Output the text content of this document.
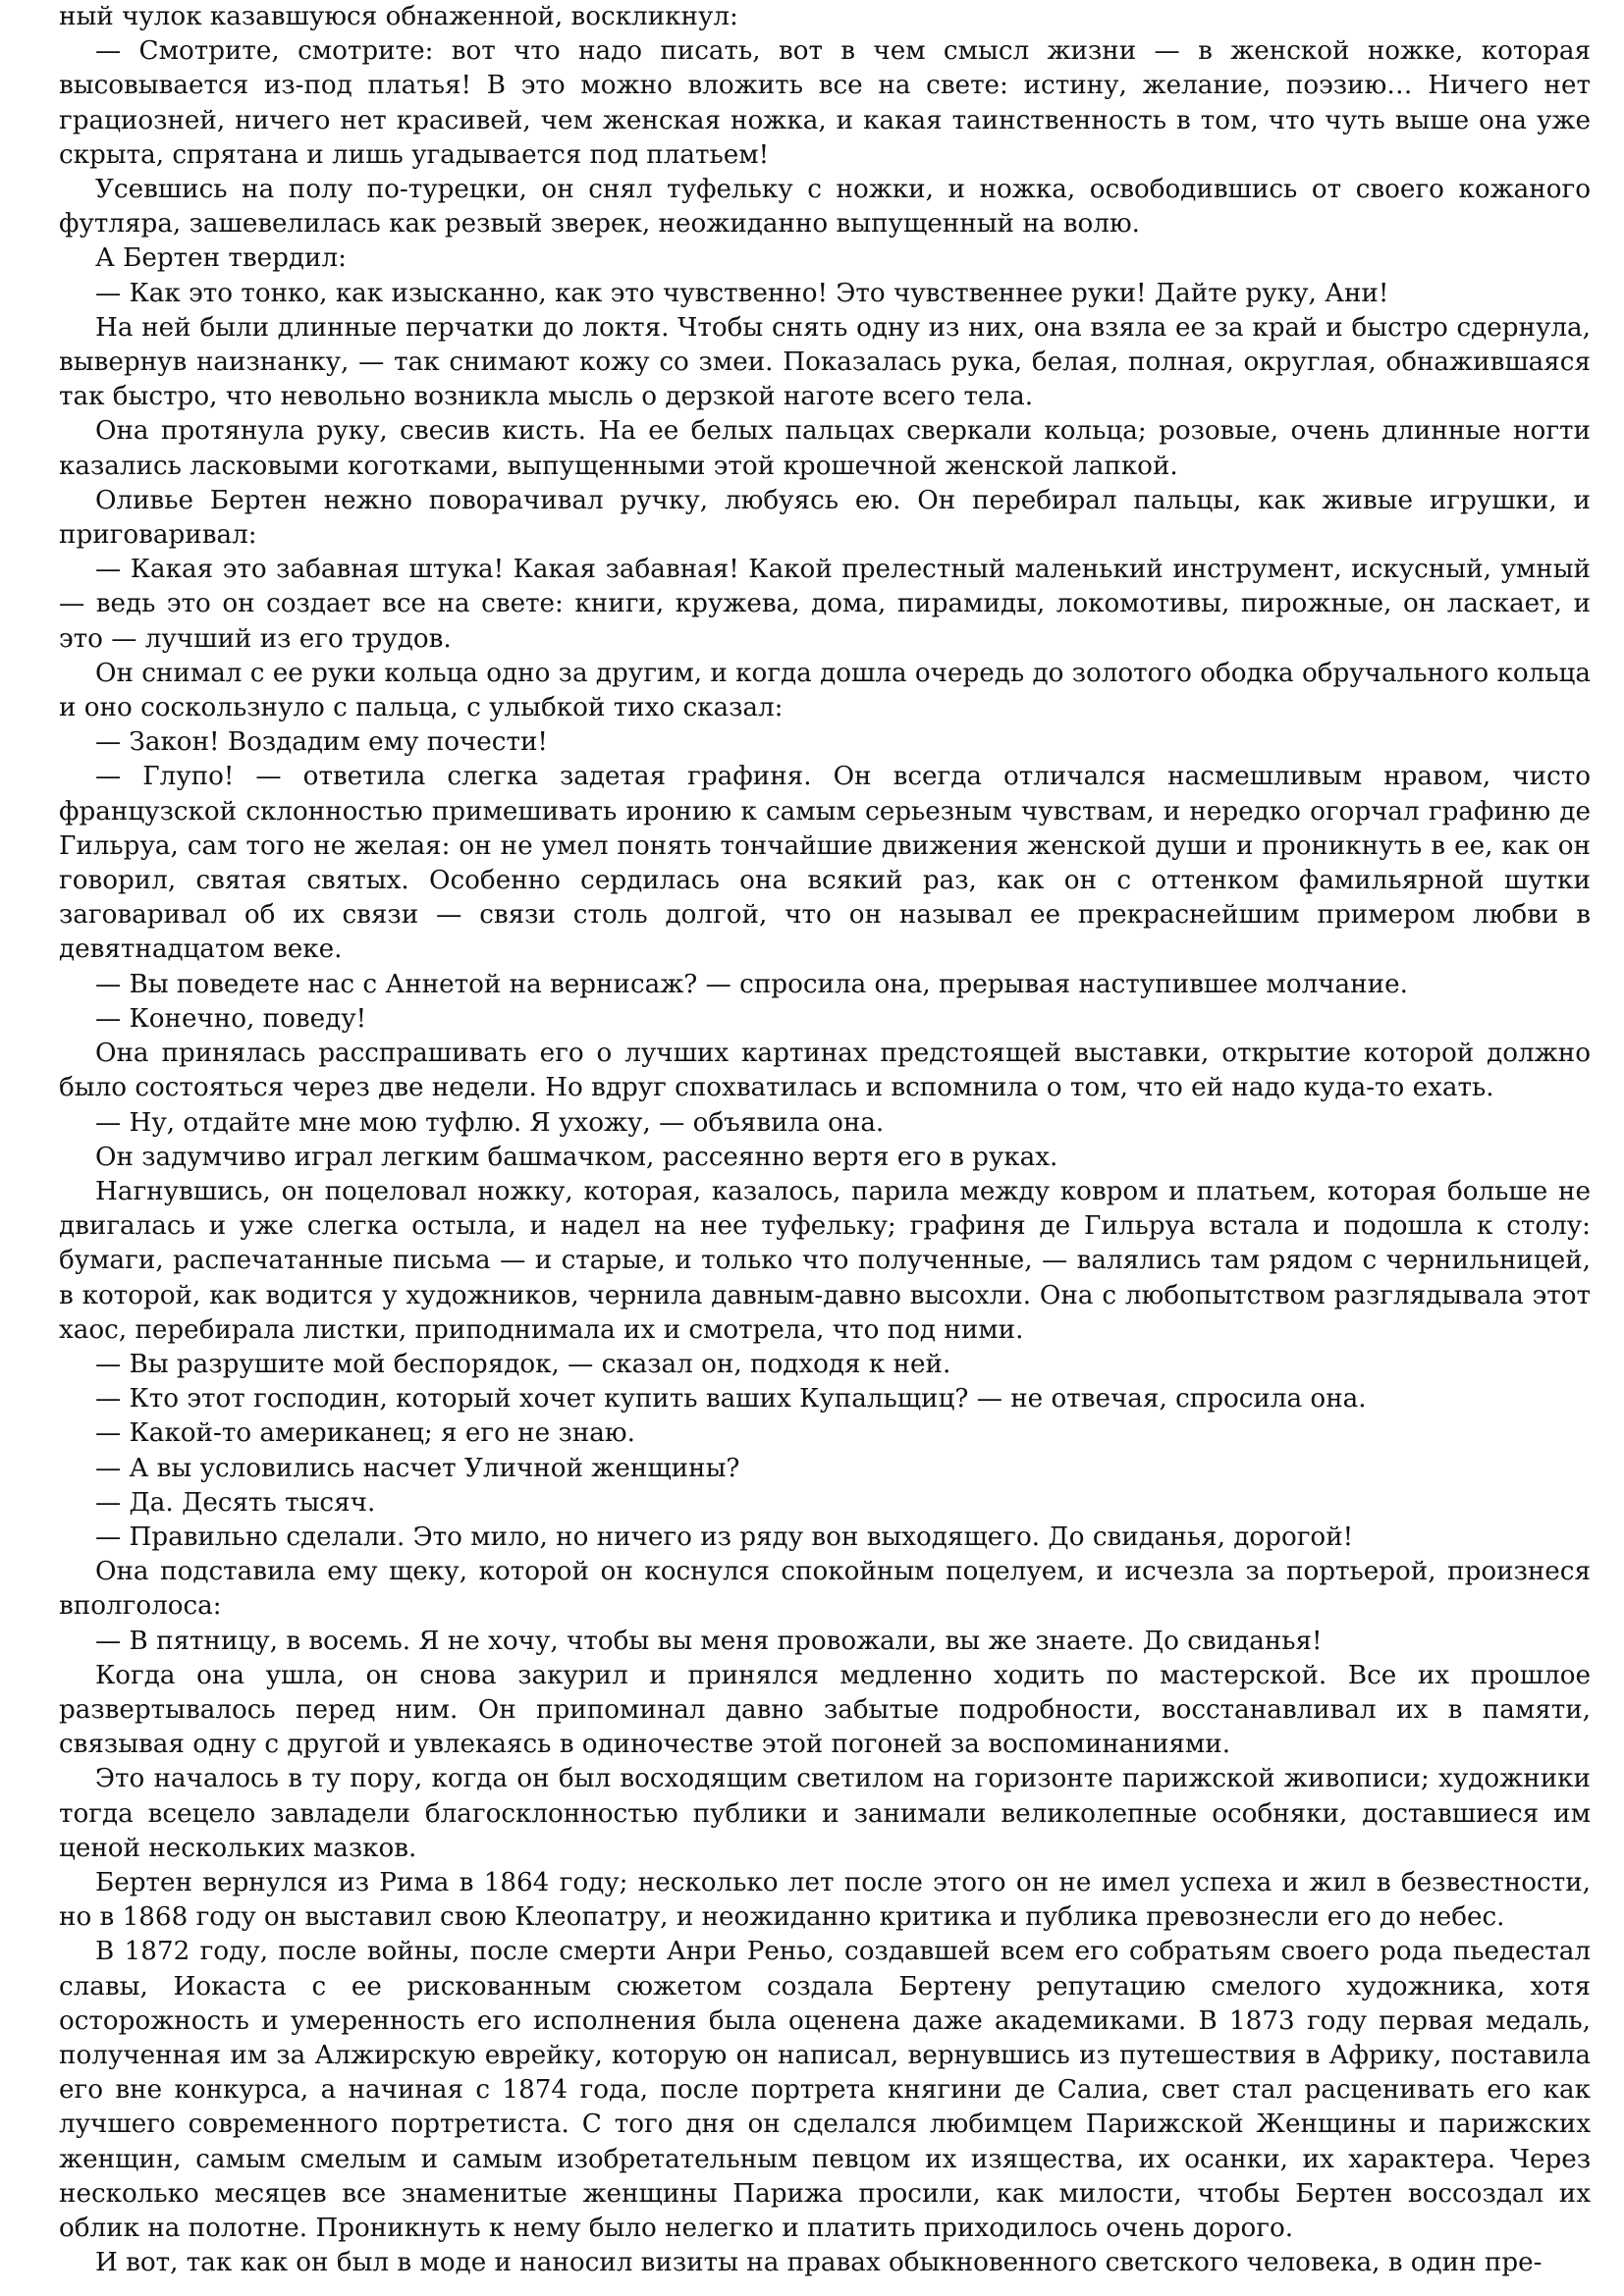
ный чулок казавшуюся обнаженной, воскликнул:

— Смотрите, смотрите: вот что надо писать, вот в чем смысл жизни — в женской ножке, которая высовывается из-под платья! В это можно вложить все на свете: истину, желание, поэзию… Ничего нет грациозней, ничего нет красивей, чем женская ножка, и какая таинственность в том, что чуть выше она уже скрыта, спрятана и лишь угадывается под платьем!

Усевшись на полу по-турецки, он снял туфельку с ножки, и ножка, освободившись от своего кожаного футляра, зашевелилась как резвый зверек, неожиданно выпущенный на волю.

А Бертен твердил:

— Как это тонко, как изысканно, как это чувственно! Это чувственнее руки! Дайте руку, Ани!

На ней были длинные перчатки до локтя. Чтобы снять одну из них, она взяла ее за край и быстро сдернула, вывернув наизнанку, — так снимают кожу со змеи. Показалась рука, белая, полная, округлая, обнажившаяся так быстро, что невольно возникла мысль о дерзкой наготе всего тела.

Она протянула руку, свесив кисть. На ее белых пальцах сверкали кольца; розовые, очень длинные ногти казались ласковыми коготками, выпущенными этой крошечной женской лапкой.

Оливье Бертен нежно поворачивал ручку, любуясь ею. Он перебирал пальцы, как живые игрушки, и приговаривал:

— Какая это забавная штука! Какая забавная! Какой прелестный маленький инструмент, искусный, умный — ведь это он создает все на свете: книги, кружева, дома, пирамиды, локомотивы, пирожные, он ласкает, и это — лучший из его трудов.

Он снимал с ее руки кольца одно за другим, и когда дошла очередь до золотого ободка обручального кольца и оно соскользнуло с пальца, с улыбкой тихо сказал:

— Закон! Воздадим ему почести!

— Глупо! — ответила слегка задетая графиня. Он всегда отличался насмешливым нравом, чисто французской склонностью примешивать иронию к самым серьезным чувствам, и нередко огорчал графиню де Гильруа, сам того не желая: он не умел понять тончайшие движения женской души и проникнуть в ее, как он говорил, святая святых. Особенно сердилась она всякий раз, как он с оттенком фамильярной шутки заговаривал об их связи — связи столь долгой, что он называл ее прекраснейшим примером любви в девятнадцатом веке.

— Вы поведете нас с Аннетой на вернисаж? — спросила она, прерывая наступившее молчание.

— Конечно, поведу!

Она принялась расспрашивать его о лучших картинах предстоящей выставки, открытие которой должно было состояться через две недели. Но вдруг спохватилась и вспомнила о том, что ей надо куда-то ехать.

— Ну, отдайте мне мою туфлю. Я ухожу, — объявила она.

Он задумчиво играл легким башмачком, рассеянно вертя его в руках.

Нагнувшись, он поцеловал ножку, которая, казалось, парила между ковром и платьем, которая больше не двигалась и уже слегка остыла, и надел на нее туфельку; графиня де Гильруа встала и подошла к столу: бумаги, распечатанные письма — и старые, и только что полученные, — валялись там рядом с чернильницей, в которой, как водится у художников, чернила давным-давно высохли. Она с любопытством разглядывала этот хаос, перебирала листки, приподнимала их и смотрела, что под ними.

— Вы разрушите мой беспорядок, — сказал он, подходя к ней.

— Кто этот господин, который хочет купить ваших Купальщиц? — не отвечая, спросила она.

— Какой-то американец; я его не знаю.

— А вы условились насчет Уличной женщины?

— Да. Десять тысяч.

— Правильно сделали. Это мило, но ничего из ряду вон выходящего. До свиданья, дорогой!

Она подставила ему щеку, которой он коснулся спокойным поцелуем, и исчезла за портьерой, произнеся вполголоса:

— В пятницу, в восемь. Я не хочу, чтобы вы меня провожали, вы же знаете. До свиданья!

Когда она ушла, он снова закурил и принялся медленно ходить по мастерской. Все их прошлое развертывалось перед ним. Он припоминал давно забытые подробности, восстанавливал их в памяти, связывая одну с другой и увлекаясь в одиночестве этой погоней за воспоминаниями.

Это началось в ту пору, когда он был восходящим светилом на горизонте парижской живописи; художники тогда всецело завладели благосклонностью публики и занимали великолепные особняки, доставшиеся им ценой нескольких мазков.

Бертен вернулся из Рима в 1864 году; несколько лет после этого он не имел успеха и жил в безвестности, но в 1868 году он выставил свою Клеопатру, и неожиданно критика и публика превознесли его до небес.

В 1872 году, после войны, после смерти Анри Реньо, создавшей всем его собратьям своего рода пьедестал славы, Иокаста с ее рискованным сюжетом создала Бертену репутацию смелого художника, хотя осторожность и умеренность его исполнения была оценена даже академиками. В 1873 году первая медаль, полученная им за Алжирскую еврейку, которую он написал, вернувшись из путешествия в Африку, поставила его вне конкурса, а начиная с 1874 года, после портрета княгини де Салиа, свет стал расценивать его как лучшего современного портретиста. С того дня он сделался любимцем Парижской Женщины и парижских женщин, самым смелым и самым изобретательным певцом их изящества, их осанки, их характера. Через несколько месяцев все знаменитые женщины Парижа просили, как милости, чтобы Бертен воссоздал их облик на полотне. Проникнуть к нему было нелегко и платить приходилось очень дорого.

И вот, так как он был в моде и наносил визиты на правах обыкновенного светского человека, в один пре-
